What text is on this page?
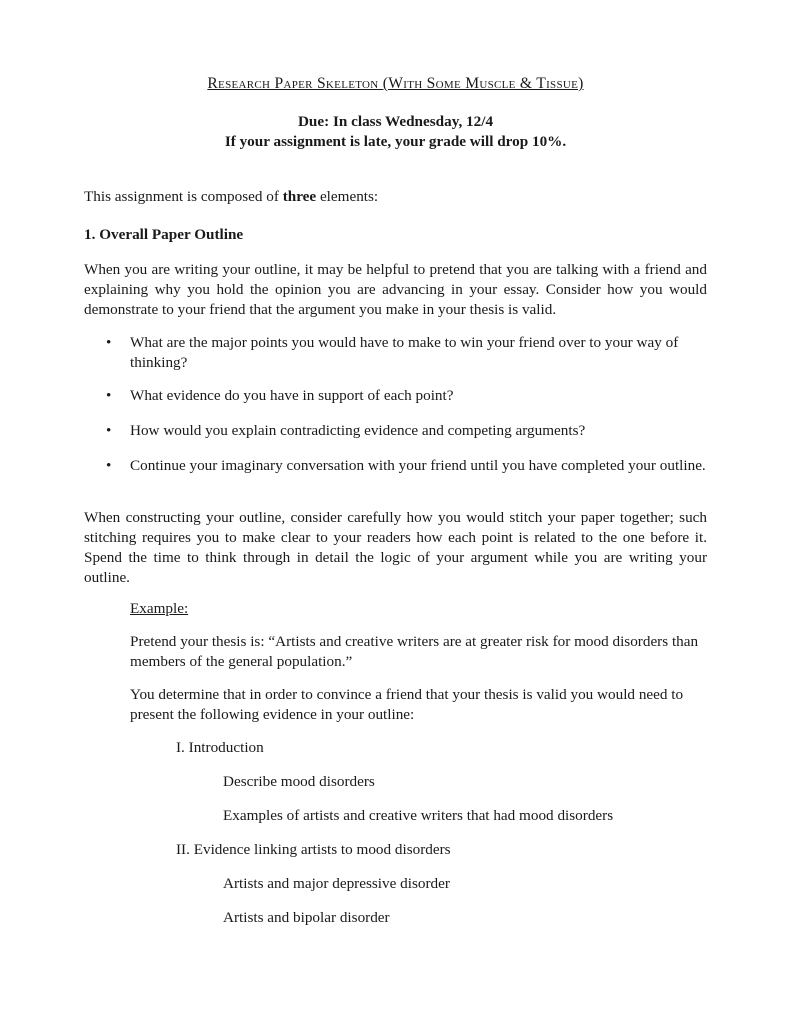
Research Paper Skeleton (With Some Muscle & Tissue)
Due: In class Wednesday, 12/4
If your assignment is late, your grade will drop 10%.
This assignment is composed of three elements:
1. Overall Paper Outline
When you are writing your outline, it may be helpful to pretend that you are talking with a friend and explaining why you hold the opinion you are advancing in your essay. Consider how you would demonstrate to your friend that the argument you make in your thesis is valid.
• What are the major points you would have to make to win your friend over to your way of thinking?
• What evidence do you have in support of each point?
• How would you explain contradicting evidence and competing arguments?
• Continue your imaginary conversation with your friend until you have completed your outline.
When constructing your outline, consider carefully how you would stitch your paper together; such stitching requires you to make clear to your readers how each point is related to the one before it. Spend the time to think through in detail the logic of your argument while you are writing your outline.
Example:
Pretend your thesis is: “Artists and creative writers are at greater risk for mood disorders than members of the general population.”
You determine that in order to convince a friend that your thesis is valid you would need to present the following evidence in your outline:
I. Introduction
Describe mood disorders
Examples of artists and creative writers that had mood disorders
II. Evidence linking artists to mood disorders
Artists and major depressive disorder
Artists and bipolar disorder
